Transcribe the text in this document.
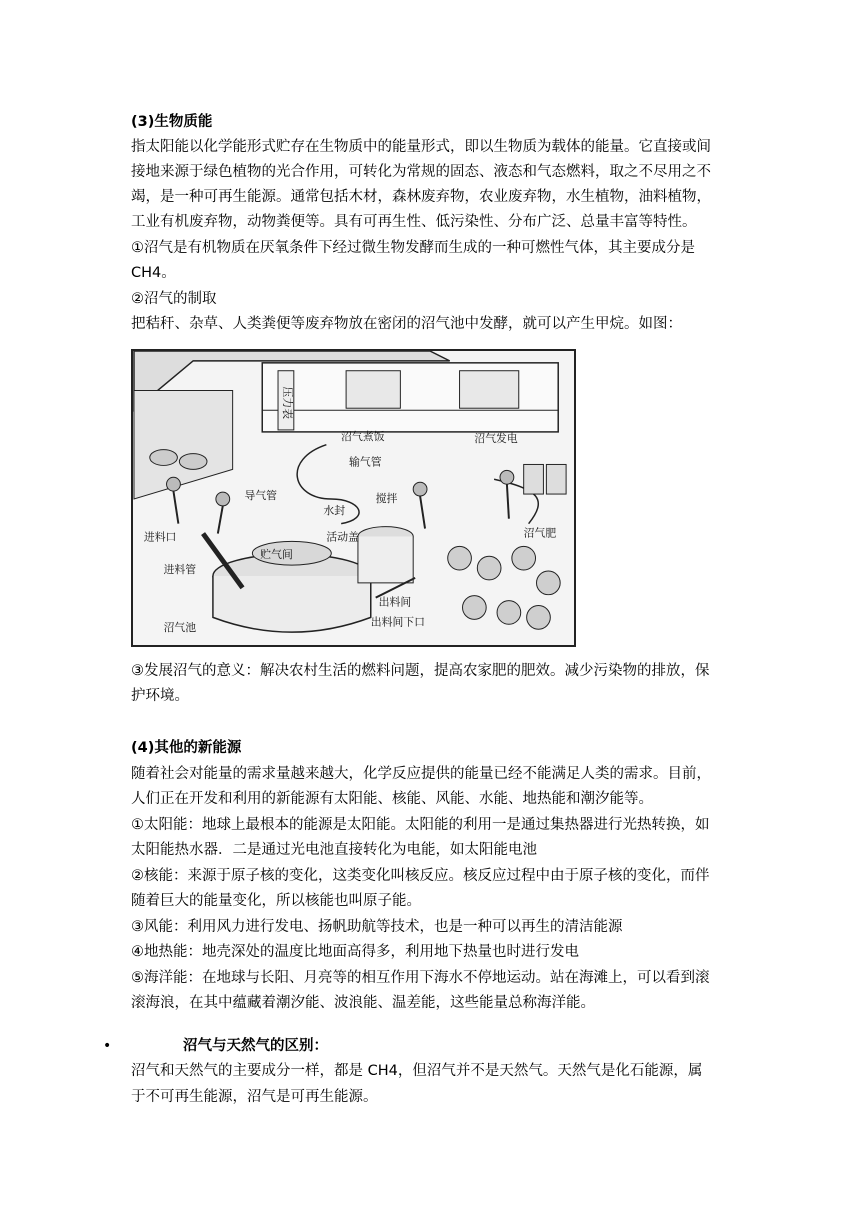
(3)生物质能

指太阳能以化学能形式贮存在生物质中的能量形式，即以生物质为载体的能量。它直接或间

接地来源于绿色植物的光合作用，可转化为常规的固态、液态和气态燃料，取之不尽用之不

竭，是一种可再生能源。通常包括木材，森林废弃物，农业废弃物，水生植物，油料植物，

工业有机废弃物，动物粪便等。具有可再生性、低污染性、分布广泛、总量丰富等特性。

①沼气是有机物质在厌氧条件下经过微生物发酵而生成的一种可燃性气体，其主要成分是

CH4。

②沼气的制取

把秸秆、杂草、人类粪便等废弃物放在密闭的沼气池中发酵，就可以产生甲烷。如图：

沼气煮饭	沼气发电
输气管
导气管
水封
搅拌
进料口	活动盖
贮气间
进料管
沼气肥
出料间
出料间下口
沼气池
压力表

③发展沼气的意义：解决农村生活的燃料问题，提高农家肥的肥效。减少污染物的排放，保

护环境。

(4)其他的新能源

随着社会对能量的需求量越来越大，化学反应提供的能量已经不能满足人类的需求。目前，

人们正在开发和利用的新能源有太阳能、核能、风能、水能、地热能和潮汐能等。

①太阳能：地球上最根本的能源是太阳能。太阳能的利用一是通过集热器进行光热转换，如

太阳能热水器．二是通过光电池直接转化为电能，如太阳能电池

②核能：来源于原子核的变化，这类变化叫核反应。核反应过程中由于原子核的变化，而伴

随着巨大的能量变化，所以核能也叫原子能。

③风能：利用风力进行发电、扬帆助航等技术，也是一种可以再生的清洁能源

④地热能：地壳深处的温度比地面高得多，利用地下热量也时进行发电

⑤海洋能：在地球与长阳、月亮等的相互作用下海水不停地运动。站在海滩上，可以看到滚

滚海浪，在其中蕴藏着潮汐能、波浪能、温差能，这些能量总称海洋能。

•	沼气与天然气的区别：

沼气和天然气的主要成分一样，都是 CH4，但沼气并不是天然气。天然气是化石能源，属

于不可再生能源，沼气是可再生能源。
